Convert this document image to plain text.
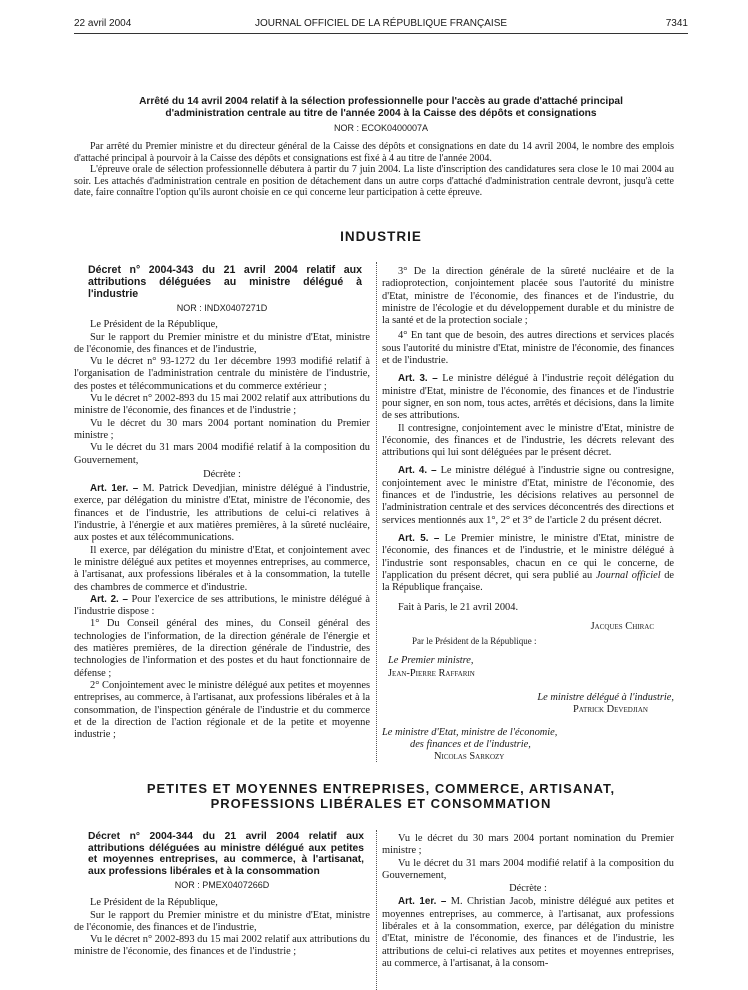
22 avril 2004	JOURNAL OFFICIEL DE LA RÉPUBLIQUE FRANÇAISE	7341
Arrêté du 14 avril 2004 relatif à la sélection professionnelle pour l'accès au grade d'attaché principal
d'administration centrale au titre de l'année 2004 à la Caisse des dépôts et consignations
NOR : ECOK0400007A

Par arrêté du Premier ministre et du directeur général de la Caisse des dépôts et consignations en date du 14 avril 2004, le nombre des emplois d'attaché principal à pourvoir à la Caisse des dépôts et consignations est fixé à 4 au titre de l'année 2004.

L'épreuve orale de sélection professionnelle débutera à partir du 7 juin 2004. La liste d'inscription des candidatures sera close le 10 mai 2004 au soir. Les attachés d'administration centrale en position de détachement dans un autre corps d'attaché d'administration centrale devront, jusqu'à cette date, faire connaître l'option qu'ils auront choisie en ce qui concerne leur participation à cette épreuve.

INDUSTRIE
Décret n° 2004-343 du 21 avril 2004 relatif aux attributions déléguées au ministre délégué à l'industrie
NOR : INDX0407271D

Le Président de la République,

Sur le rapport du Premier ministre et du ministre d'Etat, ministre de l'économie, des finances et de l'industrie,

Vu le décret n° 93-1272 du 1er décembre 1993 modifié relatif à l'organisation de l'administration centrale du ministère de l'industrie, des postes et télécommunications et du commerce extérieur ;

Vu le décret n° 2002-893 du 15 mai 2002 relatif aux attributions du ministre de l'économie, des finances et de l'industrie ;

Vu le décret du 30 mars 2004 portant nomination du Premier ministre ;

Vu le décret du 31 mars 2004 modifié relatif à la composition du Gouvernement,

Décrète :

Art. 1er. – M. Patrick Devedjian, ministre délégué à l'industrie, exerce, par délégation du ministre d'Etat, ministre de l'économie, des finances et de l'industrie, les attributions de celui-ci relatives à l'industrie, à l'énergie et aux matières premières, à la sûreté nucléaire, aux postes et aux télécommunications.

Il exerce, par délégation du ministre d'Etat, et conjointement avec le ministre délégué aux petites et moyennes entreprises, au commerce, à l'artisanat, aux professions libérales et à la consommation, la tutelle des chambres de commerce et d'industrie.

Art. 2. – Pour l'exercice de ses attributions, le ministre délégué à l'industrie dispose :

1° Du Conseil général des mines, du Conseil général des technologies de l'information, de la direction générale de l'énergie et des matières premières, de la direction générale de l'industrie, des technologies de l'information et des postes et du haut fonctionnaire de défense ;

2° Conjointement avec le ministre délégué aux petites et moyennes entreprises, au commerce, à l'artisanat, aux professions libérales et à la consommation, de l'inspection générale de l'industrie et du commerce et de la direction de l'action régionale et de la petite et moyenne industrie ;

3° De la direction générale de la sûreté nucléaire et de la radioprotection, conjointement placée sous l'autorité du ministre d'Etat, ministre de l'économie, des finances et de l'industrie, du ministre de l'écologie et du développement durable et du ministre de la santé et de la protection sociale ;

4° En tant que de besoin, des autres directions et services placés sous l'autorité du ministre d'Etat, ministre de l'économie, des finances et de l'industrie.

Art. 3. – Le ministre délégué à l'industrie reçoit délégation du ministre d'Etat, ministre de l'économie, des finances et de l'industrie pour signer, en son nom, tous actes, arrêtés et décisions, dans la limite de ses attributions.

Il contresigne, conjointement avec le ministre d'Etat, ministre de l'économie, des finances et de l'industrie, les décrets relevant des attributions qui lui sont déléguées par le présent décret.

Art. 4. – Le ministre délégué à l'industrie signe ou contresigne, conjointement avec le ministre d'Etat, ministre de l'économie, des finances et de l'industrie, les décisions relatives au personnel de l'administration centrale et des services déconcentrés des directions et services mentionnés aux 1°, 2° et 3° de l'article 2 du présent décret.

Art. 5. – Le Premier ministre, le ministre d'Etat, ministre de l'économie, des finances et de l'industrie, et le ministre délégué à l'industrie sont responsables, chacun en ce qui le concerne, de l'application du présent décret, qui sera publié au Journal officiel de la République française.

Fait à Paris, le 21 avril 2004.

Jacques Chirac

Par le Président de la République :

Le Premier ministre,

Jean-Pierre Raffarin

Le ministre délégué à l'industrie,

Patrick Devedjian

Le ministre d'Etat, ministre de l'économie,

des finances et de l'industrie,

Nicolas Sarkozy

PETITES ET MOYENNES ENTREPRISES, COMMERCE, ARTISANAT,
PROFESSIONS LIBÉRALES ET CONSOMMATION
Décret n° 2004-344 du 21 avril 2004 relatif aux attributions déléguées au ministre délégué aux petites et moyennes entreprises, au commerce, à l'artisanat, aux professions libérales et à la consommation
NOR : PMEX0407266D

Le Président de la République,

Sur le rapport du Premier ministre et du ministre d'Etat, ministre de l'économie, des finances et de l'industrie,

Vu le décret n° 2002-893 du 15 mai 2002 relatif aux attributions du ministre de l'économie, des finances et de l'industrie ;

Vu le décret du 30 mars 2004 portant nomination du Premier ministre ;

Vu le décret du 31 mars 2004 modifié relatif à la composition du Gouvernement,

Décrète :

Art. 1er. – M. Christian Jacob, ministre délégué aux petites et moyennes entreprises, au commerce, à l'artisanat, aux professions libérales et à la consommation, exerce, par délégation du ministre d'Etat, ministre de l'économie, des finances et de l'industrie, les attributions de celui-ci relatives aux petites et moyennes entreprises, au commerce, à l'artisanat, à la consom-
